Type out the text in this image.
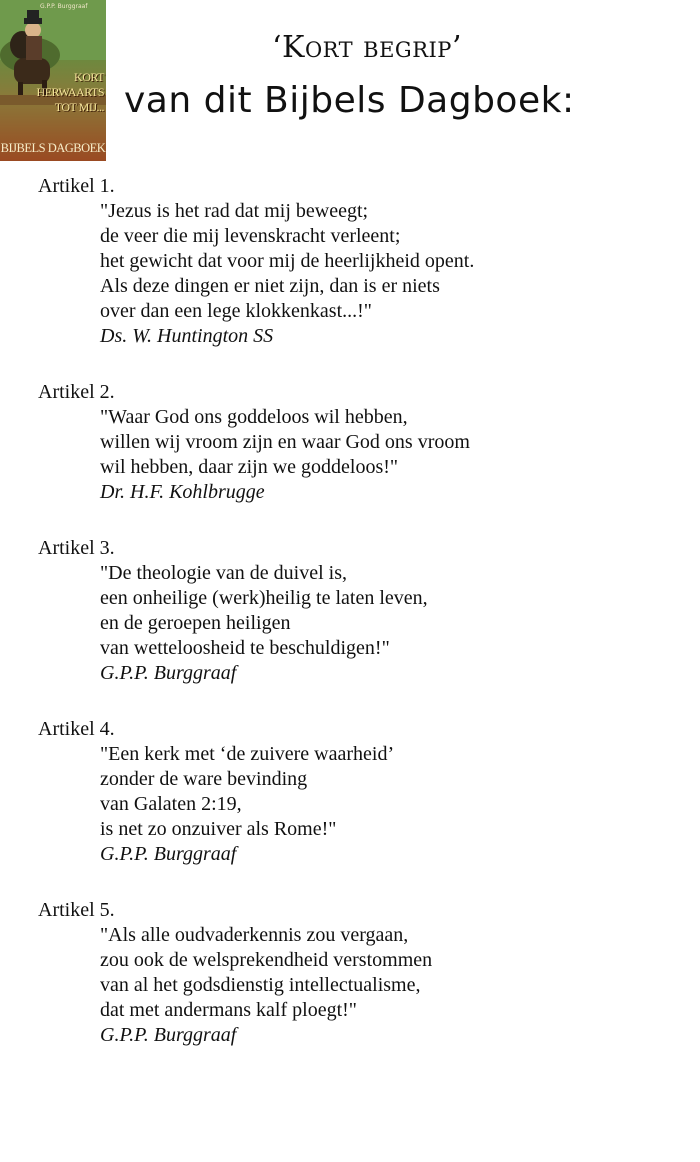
G.P.P. Burggraaf
KORT
HERWAARTS
TOT MIJ...
BIJBELS DAGBOEK
‘Kort begrip’
van dit Bijbels Dagboek:
Artikel 1.
"Jezus is het rad dat mij beweegt;
de veer die mij levenskracht verleent;
het gewicht dat voor mij de heerlijkheid opent.
Als deze dingen er niet zijn, dan is er niets
over dan een lege klokkenkast...!"
Ds. W. Huntington SS
Artikel 2.
"Waar God ons goddeloos wil hebben,
willen wij vroom zijn en waar God ons vroom
wil hebben, daar zijn we goddeloos!"
Dr. H.F. Kohlbrugge
Artikel 3.
"De theologie van de duivel is,
een onheilige (werk)heilig te laten leven,
en de geroepen heiligen
van wetteloosheid te beschuldigen!"
G.P.P. Burggraaf
Artikel 4.
"Een kerk met ‘de zuivere waarheid’
zonder de ware bevinding
van Galaten 2:19,
is net zo onzuiver als Rome!"
G.P.P. Burggraaf
Artikel 5.
"Als alle oudvaderkennis zou vergaan,
zou ook de welsprekendheid verstommen
van al het godsdienstig intellectualisme,
dat met andermans kalf ploegt!"
G.P.P. Burggraaf
